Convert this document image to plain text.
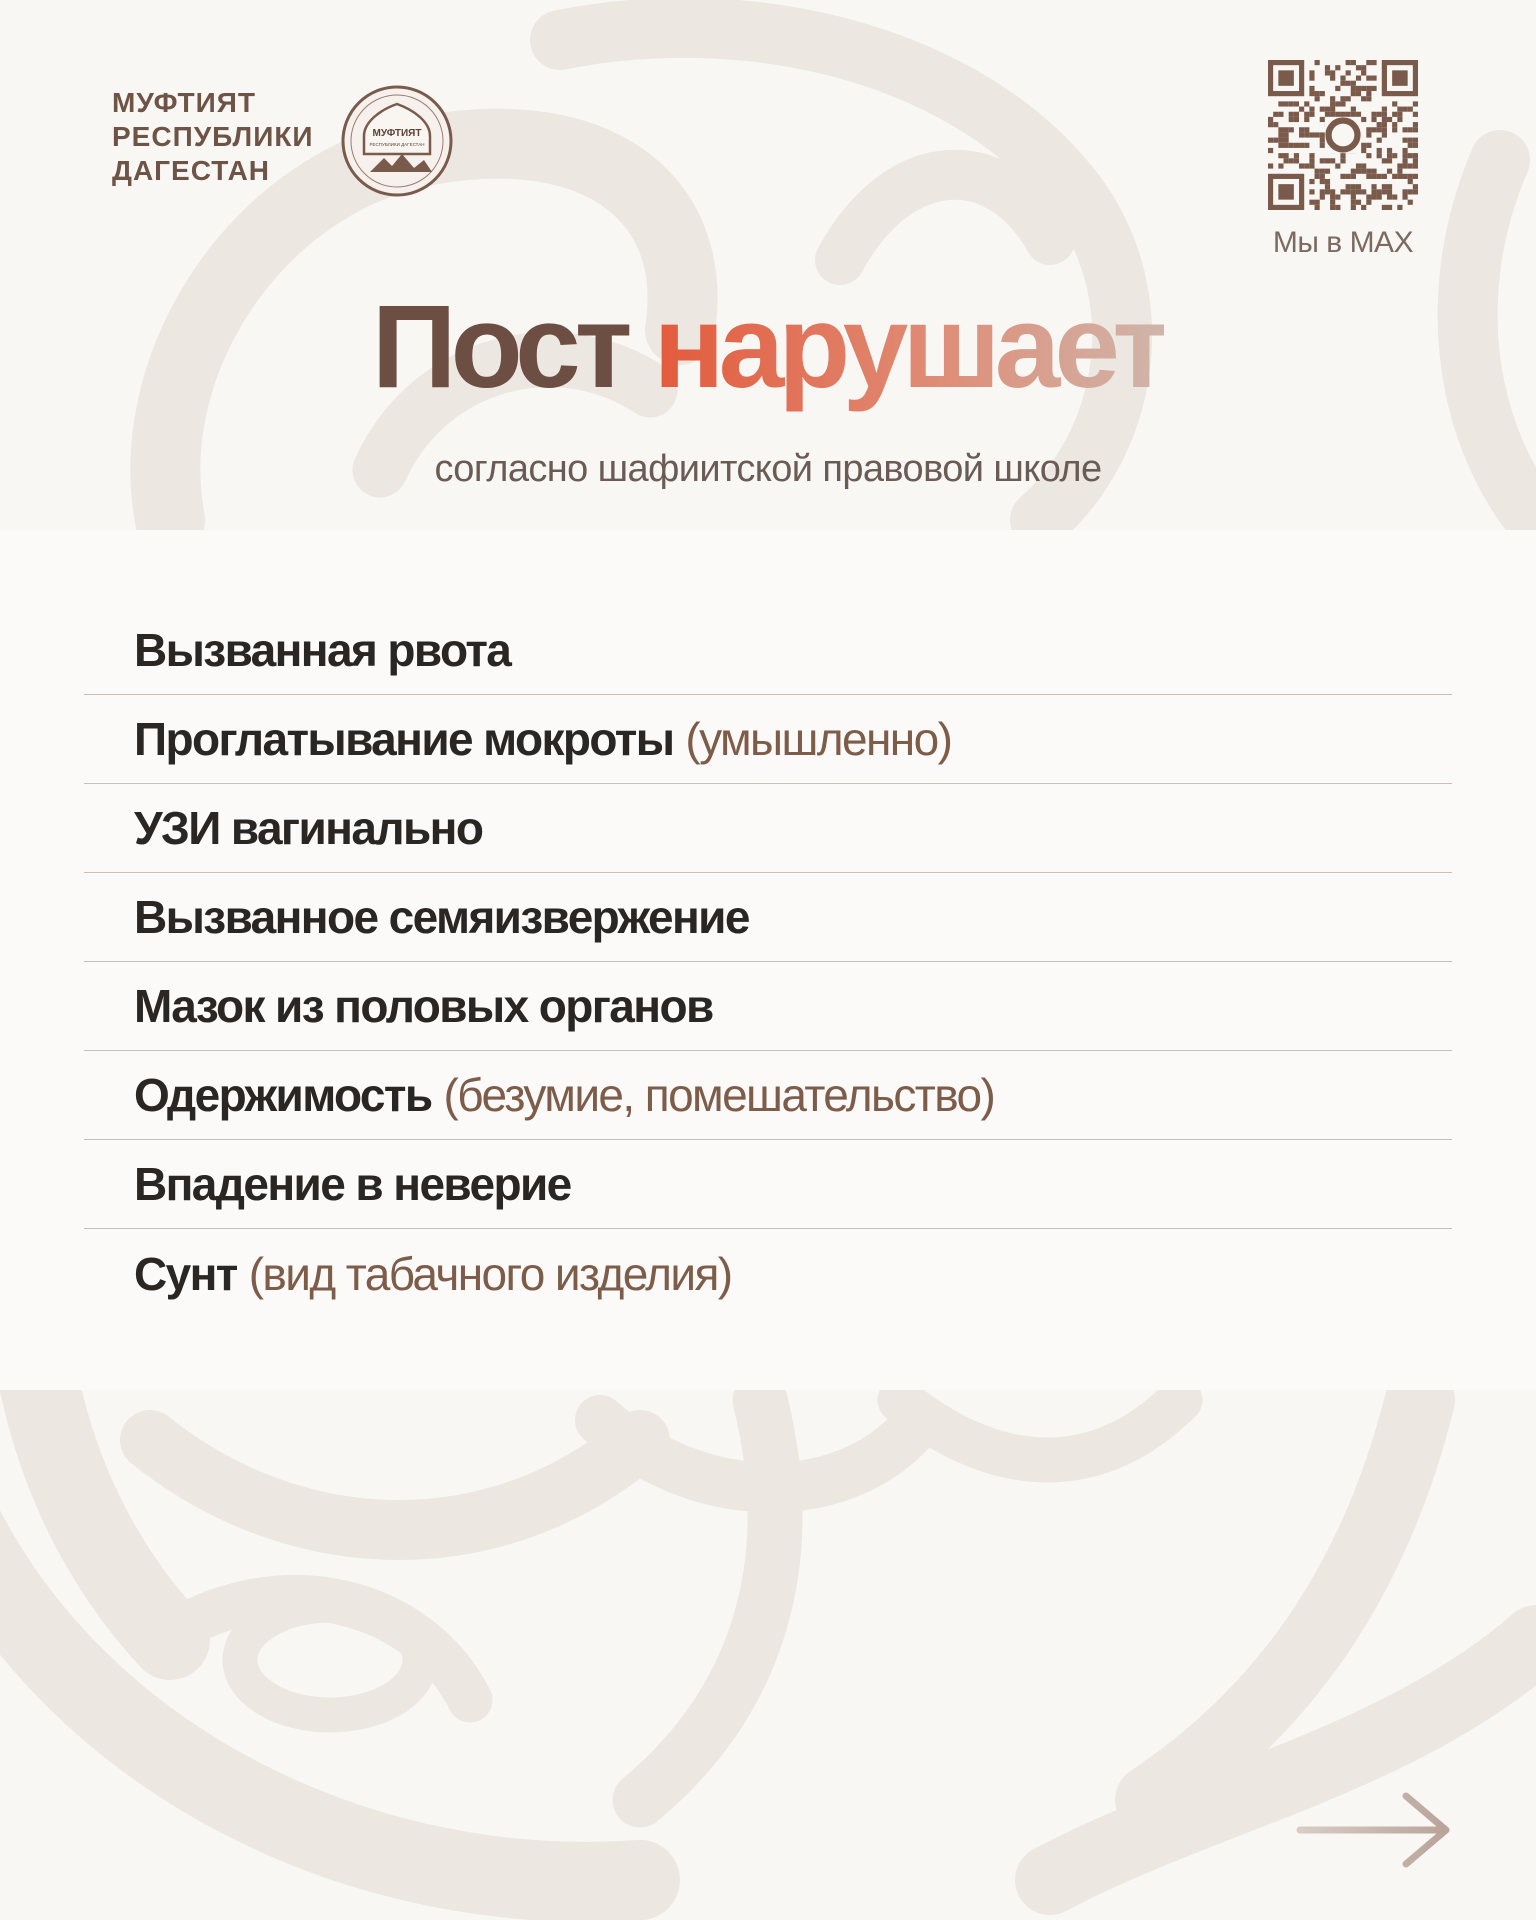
МУФТИЯТ
РЕСПУБЛИКИ
ДАГЕСТАН
МУФТИЯТ
РЕСПУБЛИКИ ДАГЕСТАН
Мы в MAX
Пост нарушает
согласно шафиитской правовой школе
Вызванная рвота
Проглатывание мокроты (умышленно)
УЗИ вагинально
Вызванное семяизвержение
Мазок из половых органов
Одержимость (безумие, помешательство)
Впадение в неверие
Сунт (вид табачного изделия)
